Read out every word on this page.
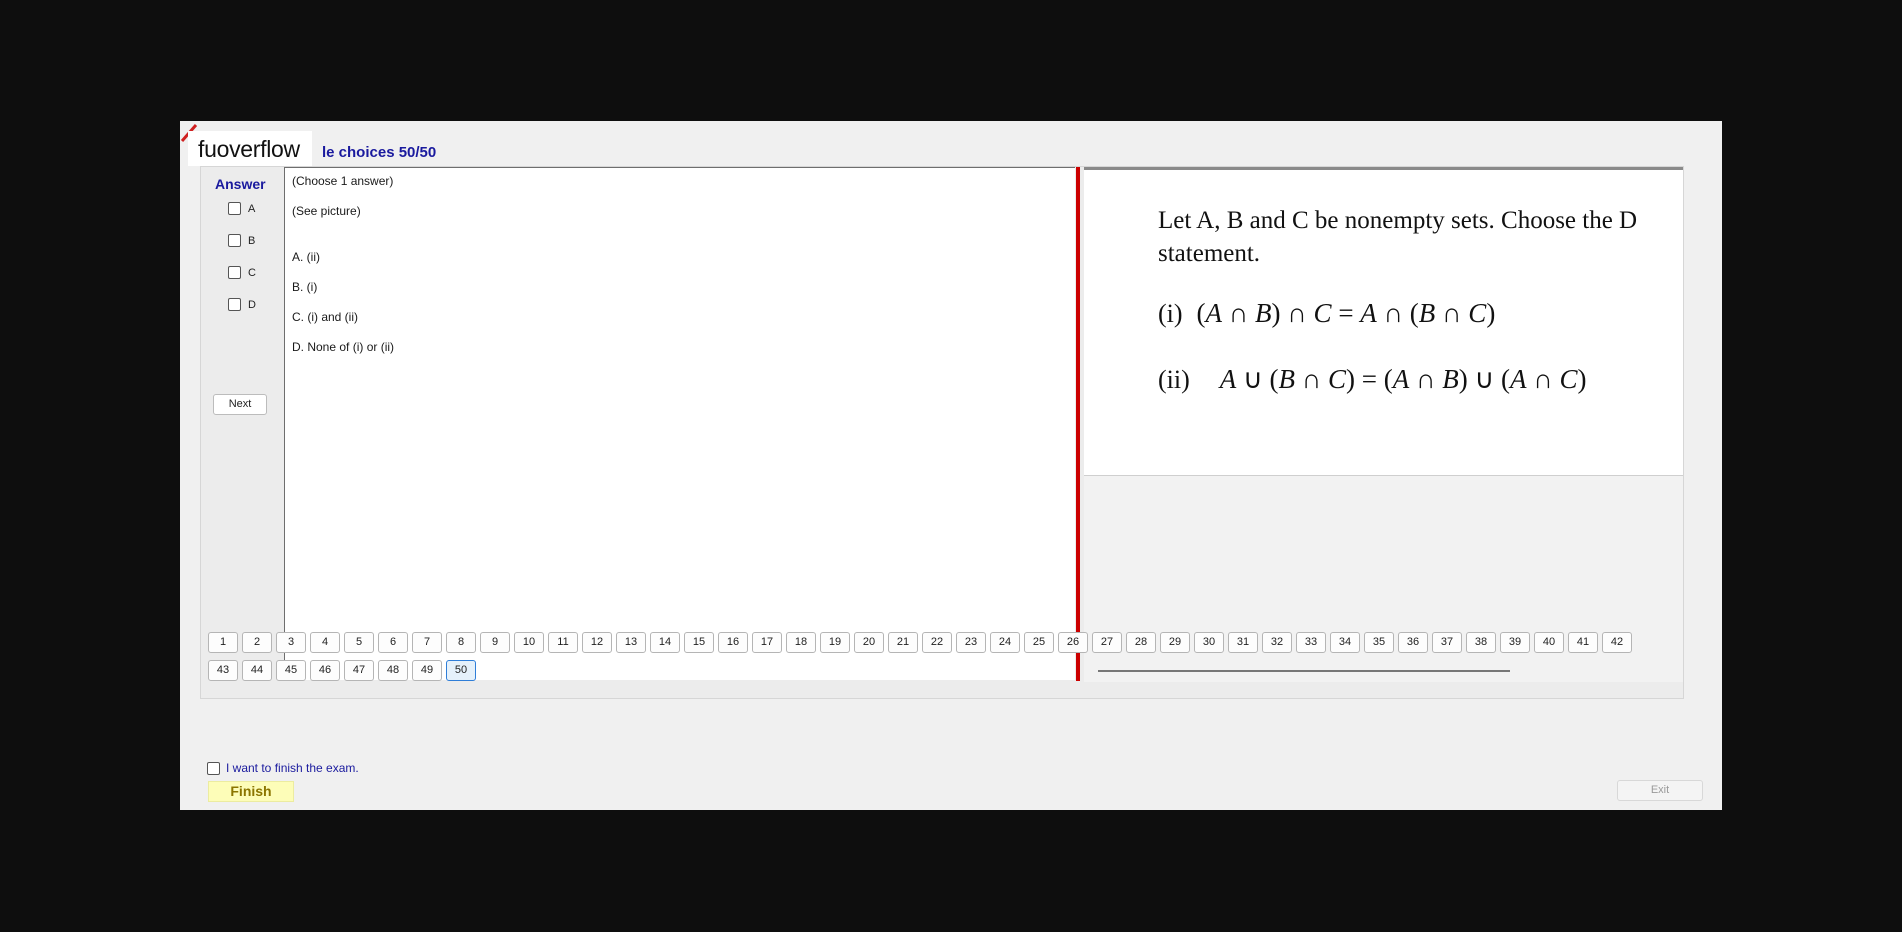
fuoverflow	le choices 50/50
Answer
A
B
C
D
Next
(Choose 1 answer)
(See picture)
A. (ii)
B. (i)
C. (i) and (ii)
D. None of (i) or (ii)
Let A, B and C be nonempty sets. Choose the D
statement.
(i) (A ∩ B) ∩ C = A ∩ (B ∩ C)
(ii) A ∪ (B ∩ C) = (A ∩ B) ∪ (A ∩ C)
1	2	3	4	5	6	7	8	9	10	11	12	13	14	15	16	17	18	19	20	21	22	23	24	25	26	27	28	29	30	31	32	33	34	35	36	37	38	39	40	41	42
43	44	45	46	47	48	49	50
I want to finish the exam.
Finish	Exit
